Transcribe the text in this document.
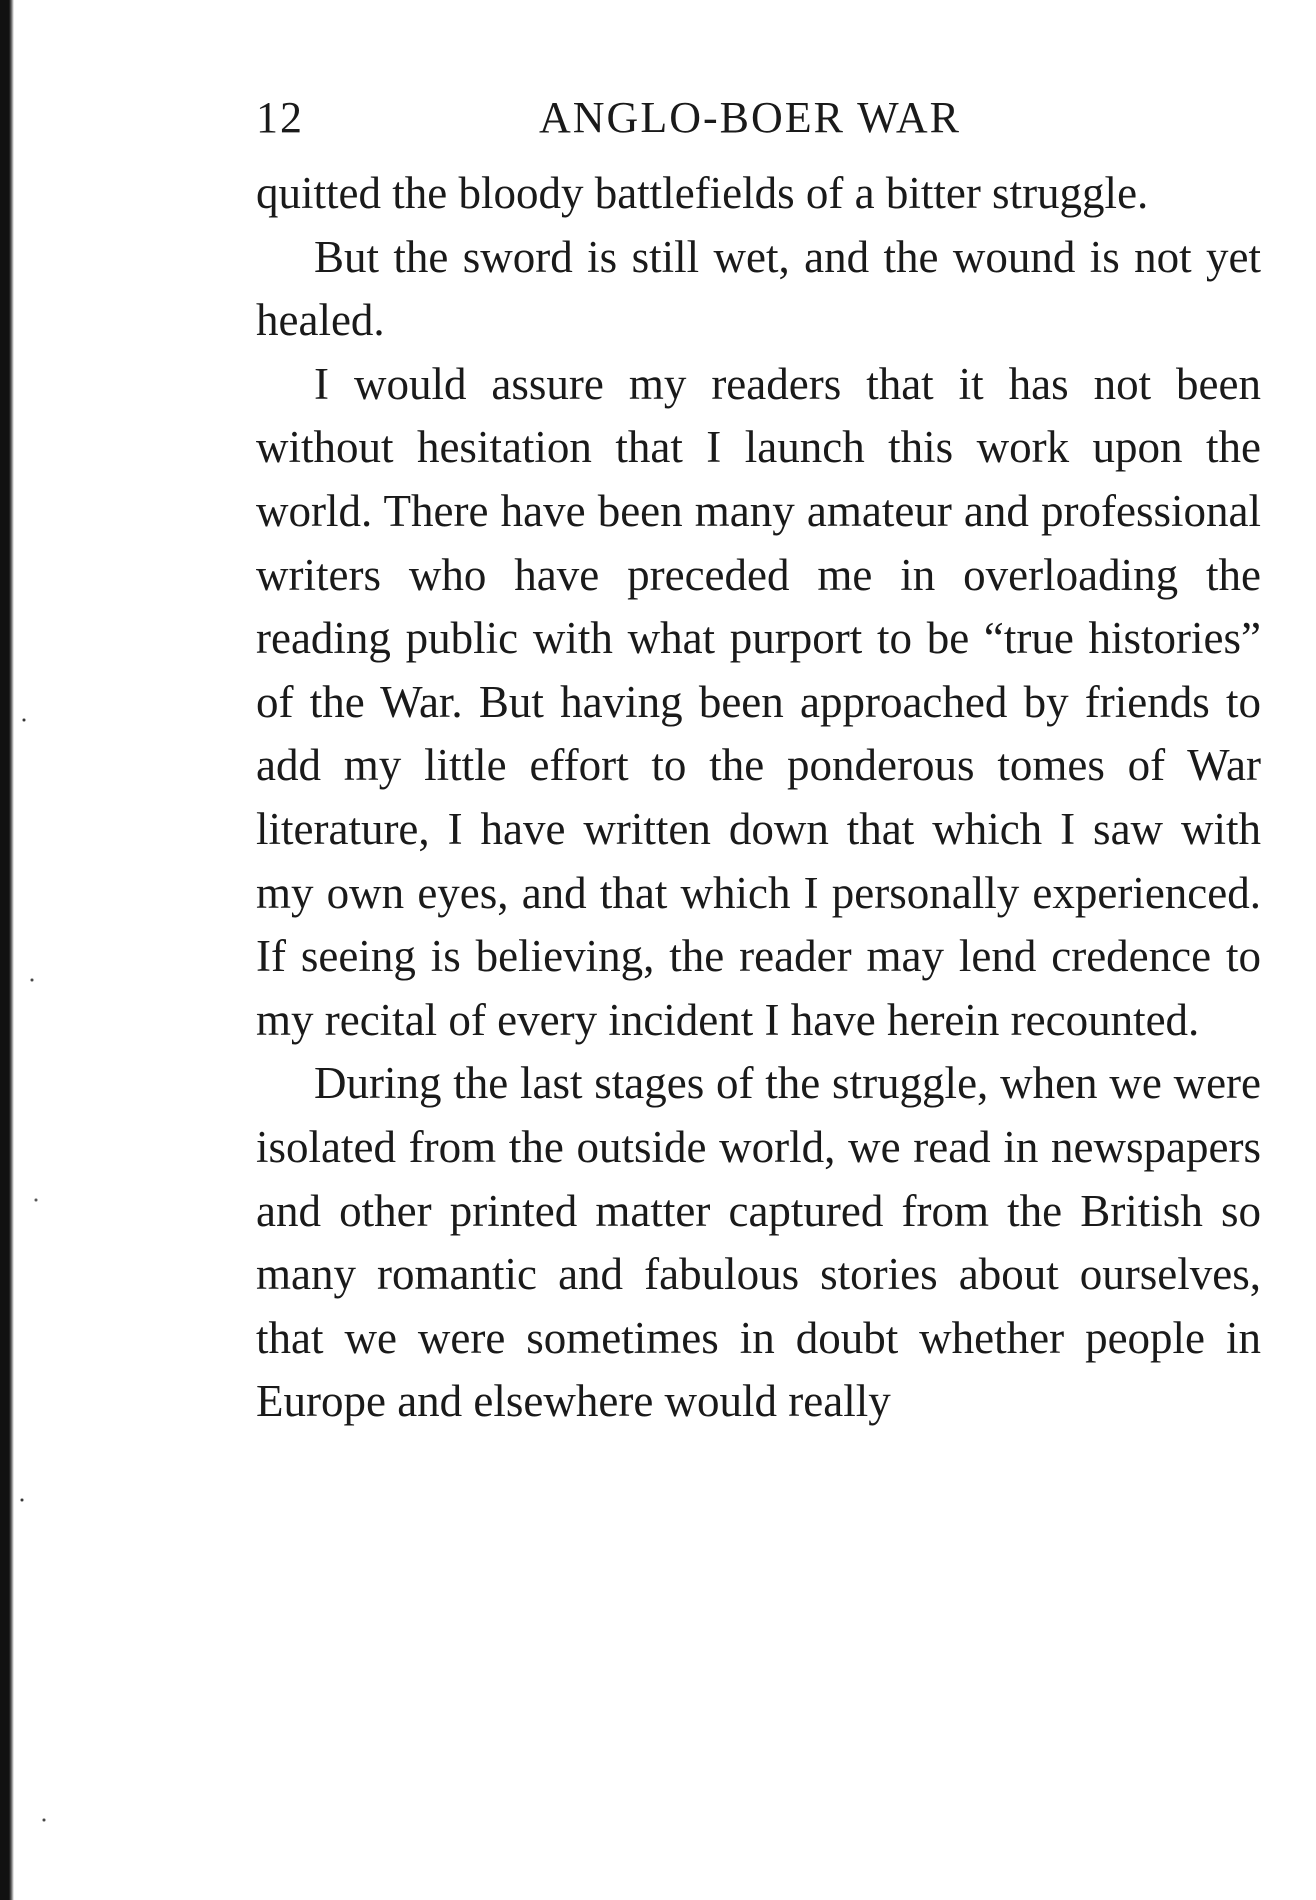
12	ANGLO-BOER WAR

quitted the bloody battlefields of a bitter struggle.

But the sword is still wet, and the wound is not yet healed.

I would assure my readers that it has not been without hesitation that I launch this work upon the world. There have been many amateur and professional writers who have preceded me in overloading the reading public with what purport to be “true histories” of the War. But having been approached by friends to add my little effort to the ponderous tomes of War literature, I have written down that which I saw with my own eyes, and that which I personally experienced. If seeing is believing, the reader may lend credence to my recital of every incident I have herein recounted.

During the last stages of the struggle, when we were isolated from the outside world, we read in newspapers and other printed matter captured from the British so many romantic and fabulous stories about ourselves, that we were sometimes in doubt whether people in Europe and elsewhere would really
